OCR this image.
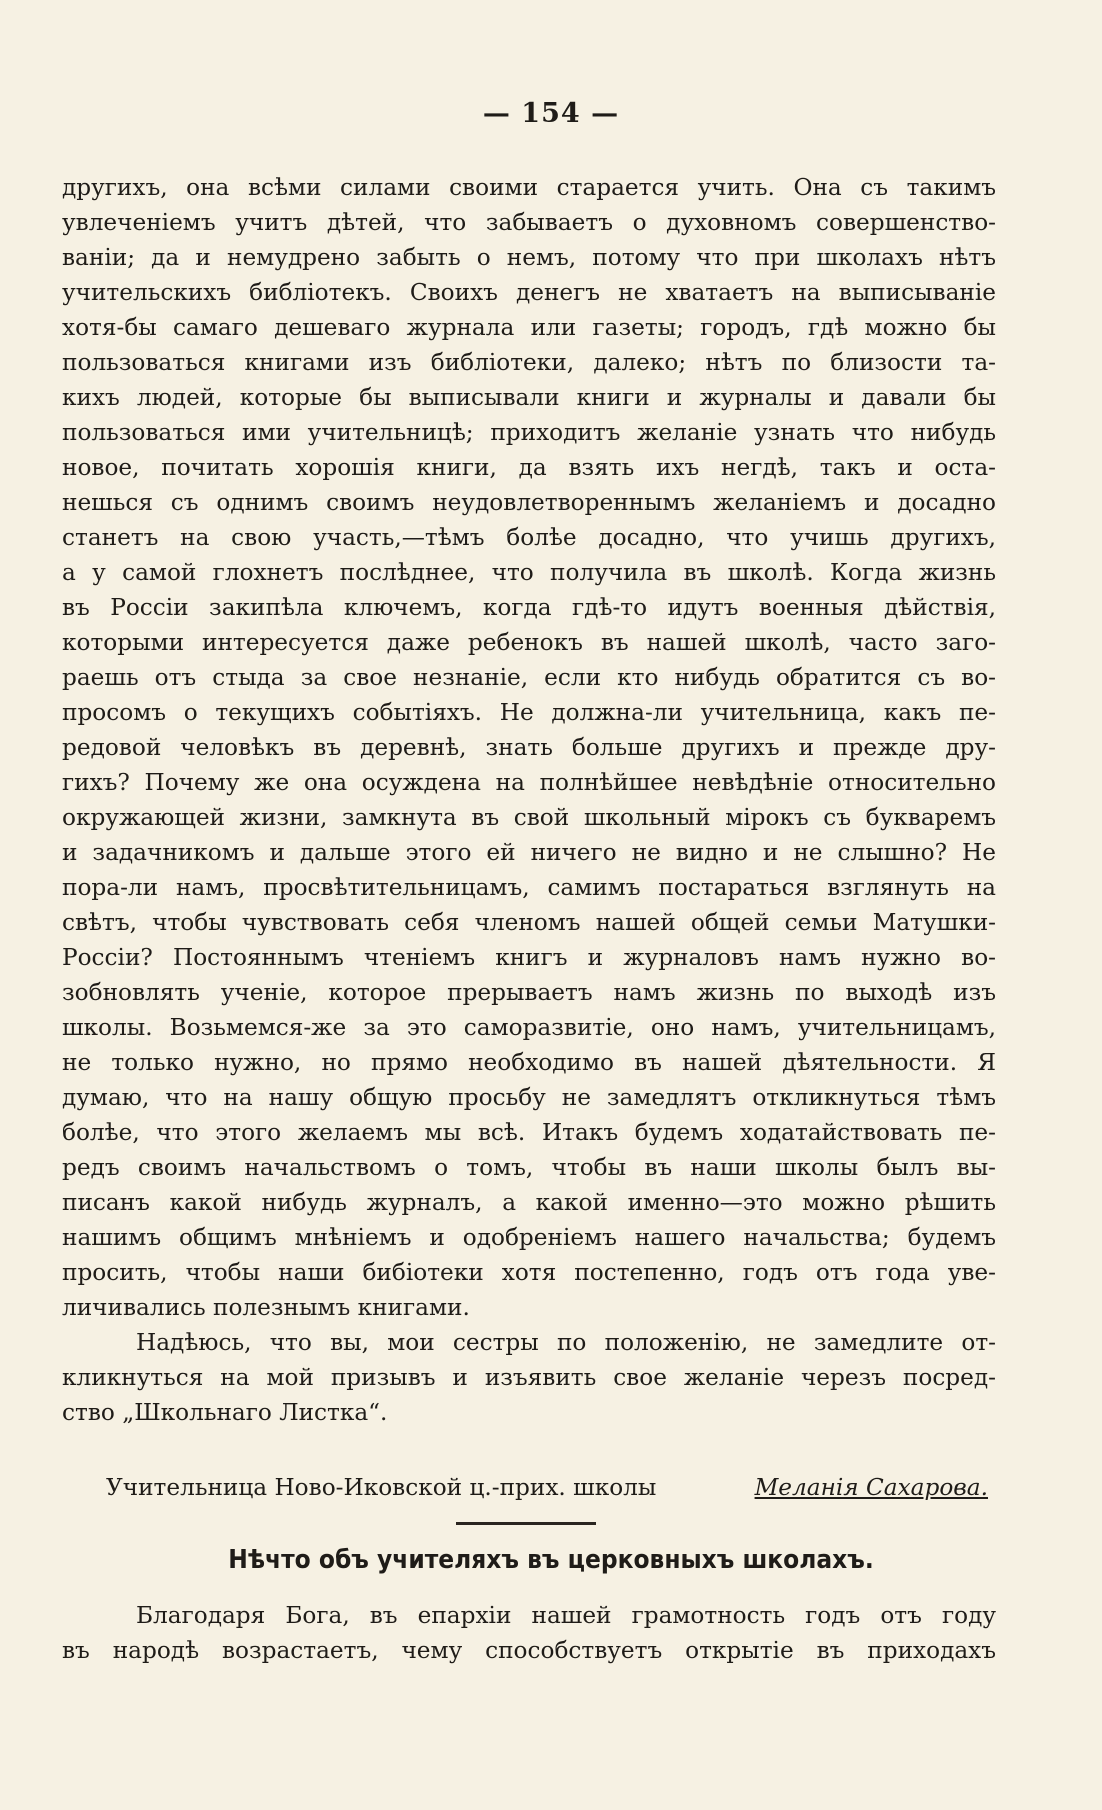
— 154 —
другихъ, она всѣми силами своими старается учить. Она съ такимъ
увлеченіемъ учитъ дѣтей, что забываетъ о духовномъ совершенство-
ваніи; да и немудрено забыть о немъ, потому что при школахъ нѣтъ
учительскихъ библіотекъ. Своихъ денегъ не хватаетъ на выписываніе
хотя-бы самаго дешеваго журнала или газеты; городъ, гдѣ можно бы
пользоваться книгами изъ библіотеки, далеко; нѣтъ по близости та-
кихъ людей, которые бы выписывали книги и журналы и давали бы
пользоваться ими учительницѣ; приходитъ желаніе узнать что нибудь
новое, почитать хорошія книги, да взять ихъ негдѣ, такъ и оста-
нешься съ однимъ своимъ неудовлетвореннымъ желаніемъ и досадно
станетъ на свою участь,—тѣмъ болѣе досадно, что учишь другихъ,
а у самой глохнетъ послѣднее, что получила въ школѣ. Когда жизнь
въ Россіи закипѣла ключемъ, когда гдѣ-то идутъ военныя дѣйствія,
которыми интересуется даже ребенокъ въ нашей школѣ, часто заго-
раешь отъ стыда за свое незнаніе, если кто нибудь обратится съ во-
просомъ о текущихъ событіяхъ. Не должна-ли учительница, какъ пе-
редовой человѣкъ въ деревнѣ, знать больше другихъ и прежде дру-
гихъ? Почему же она осуждена на полнѣйшее невѣдѣніе относительно
окружающей жизни, замкнута въ свой школьный мірокъ съ букваремъ
и задачникомъ и дальше этого ей ничего не видно и не слышно? Не
пора-ли намъ, просвѣтительницамъ, самимъ постараться взглянуть на
свѣтъ, чтобы чувствовать себя членомъ нашей общей семьи Матушки-
Россіи? Постояннымъ чтеніемъ книгъ и журналовъ намъ нужно во-
зобновлять ученіе, которое прерываетъ намъ жизнь по выходѣ изъ
школы. Возьмемся-же за это саморазвитіе, оно намъ, учительницамъ,
не только нужно, но прямо необходимо въ нашей дѣятельности. Я
думаю, что на нашу общую просьбу не замедлятъ откликнуться тѣмъ
болѣе, что этого желаемъ мы всѣ. Итакъ будемъ ходатайствовать пе-
редъ своимъ начальствомъ о томъ, чтобы въ наши школы былъ вы-
писанъ какой нибудь журналъ, а какой именно—это можно рѣшить
нашимъ общимъ мнѣніемъ и одобреніемъ нашего начальства; будемъ
просить, чтобы наши бибіотеки хотя постепенно, годъ отъ года уве-
личивались полезнымъ книгами.
Надѣюсь, что вы, мои сестры по положенію, не замедлите от-
кликнуться на мой призывъ и изъявить свое желаніе черезъ посред-
ство „Школьнаго Листка“.
Учительница Ново-Иковской ц.-прих. школы	Меланія Сахарова.
Нѣчто объ учителяхъ въ церковныхъ школахъ.
Благодаря Бога, въ епархіи нашей грамотность годъ отъ году
въ народѣ возрастаетъ, чему способствуетъ открытіе въ приходахъ
